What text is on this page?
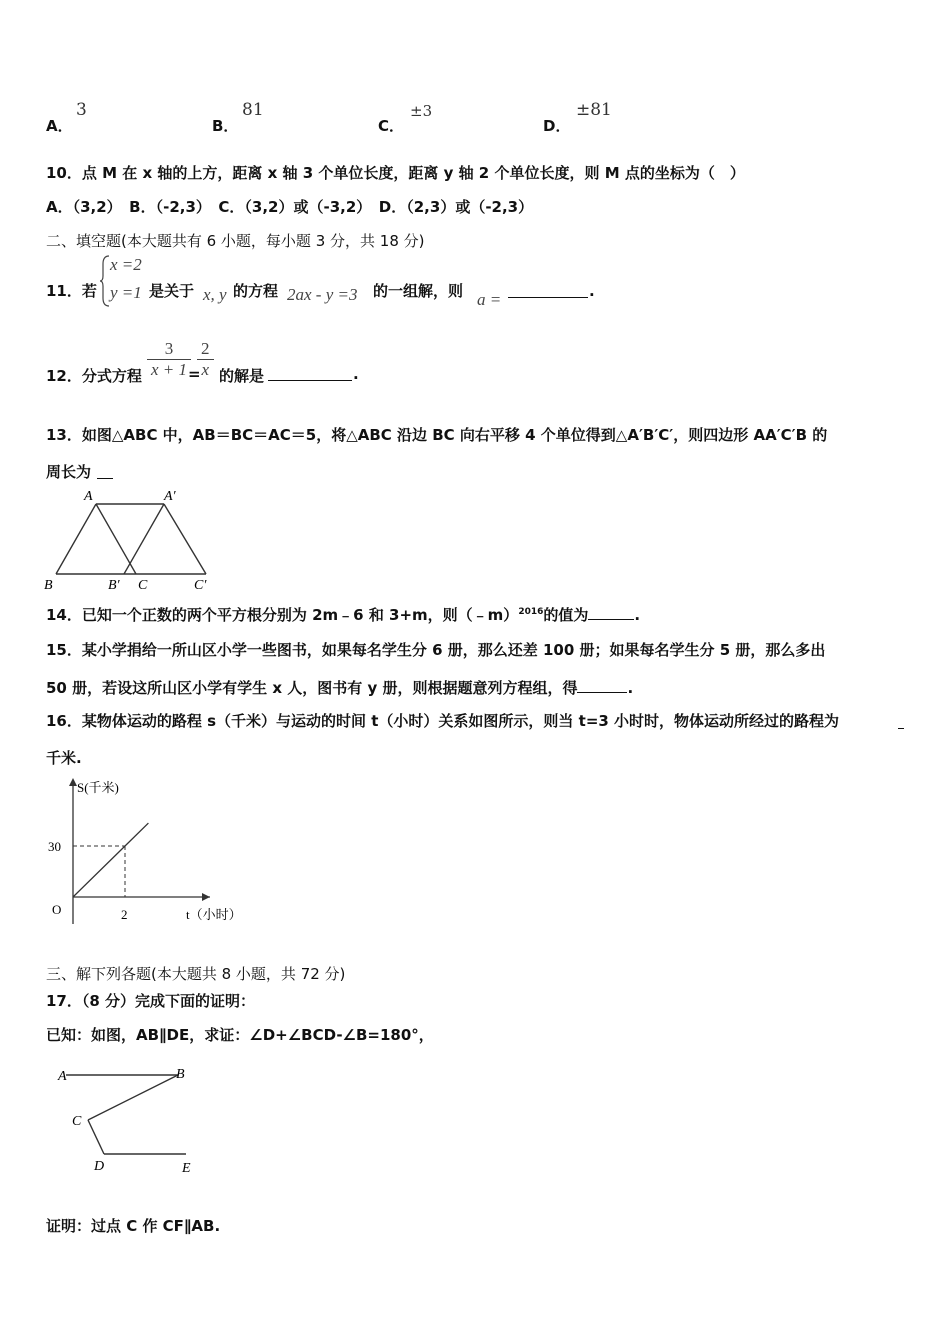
A．
3
B．
81
C．
±3
D．
±81
10．点 M 在 x 轴的上方，距离 x 轴 3 个单位长度，距离 y 轴 2 个单位长度，则 M 点的坐标为（　）
A．（3,2）　B．（-2,3）　C．（3,2）或（-3,2）　D．（2,3）或（-2,3）
二、填空题(本大题共有 6 小题，每小题 3 分，共 18 分)
11．若
x =2
y =1 是关于 x, y 的方程 2ax - y =3 的一组解，则 a =	.
12．分式方程 $\frac{3}{x + 1}$
=
$\frac{2}{x}$ 的解是	.
13．如图△ABC 中，AB＝BC＝AC＝5，将△ABC 沿边 BC 向右平移 4 个单位得到△A′B′C′，则四边形 AA′C′B 的
周长为
A	A′
B	B′ C	C′
14．已知一个正数的两个平方根分别为 2m﹣6 和 3+m，则（﹣m）$^{2016}$的值为	.
15．某小学捐给一所山区小学一些图书，如果每名学生分 6 册，那么还差 100 册；如果每名学生分 5 册，那么多出
50 册，若设这所山区小学有学生 x 人，图书有 y 册，则根据题意列方程组，得	.
16．某物体运动的路程 s（千米）与运动的时间 t（小时）关系如图所示，则当 t=3 小时时，物体运动所经过的路程为
千米.
S(千米)
t（小时）
O
30
2
三、解下列各题(本大题共 8 小题，共 72 分)
17．（8 分）完成下面的证明：
已知：如图，AB∥DE，求证：∠D+∠BCD-∠B=180°，
A	B
C
D	E
证明：过点 C 作 CF∥AB.
